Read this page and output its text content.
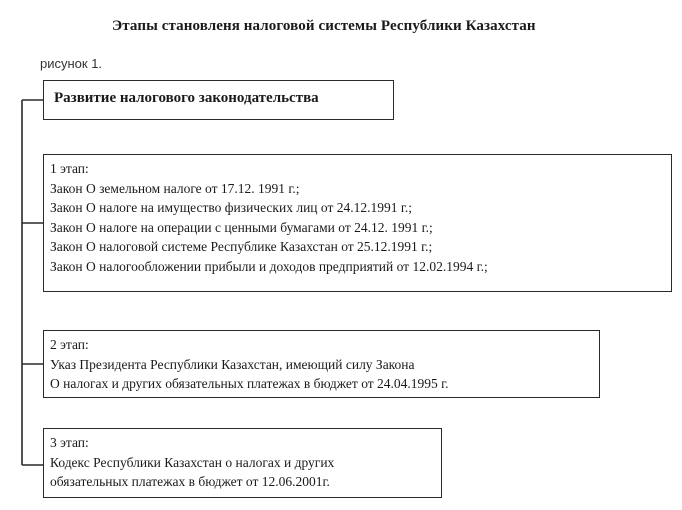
Этапы становленя налоговой системы Республики Казахстан
рисунок 1.
Развитие налогового законодательства
1 этап:
Закон О земельном налоге от 17.12. 1991 г.;
Закон О налоге на имущество физических лиц от 24.12.1991 г.;
Закон О налоге на операции с ценными бумагами от 24.12. 1991 г.;
Закон О налоговой системе Республике Казахстан от 25.12.1991 г.;
Закон О налогообложении прибыли и доходов предприятий от 12.02.1994 г.;
2 этап:
Указ Президента Республики Казахстан, имеющий силу Закона
О налогах и других обязательных платежах в бюджет от 24.04.1995 г.
3 этап:
Кодекс Республики Казахстан о налогах и других
обязательных платежах в бюджет от 12.06.2001г.
